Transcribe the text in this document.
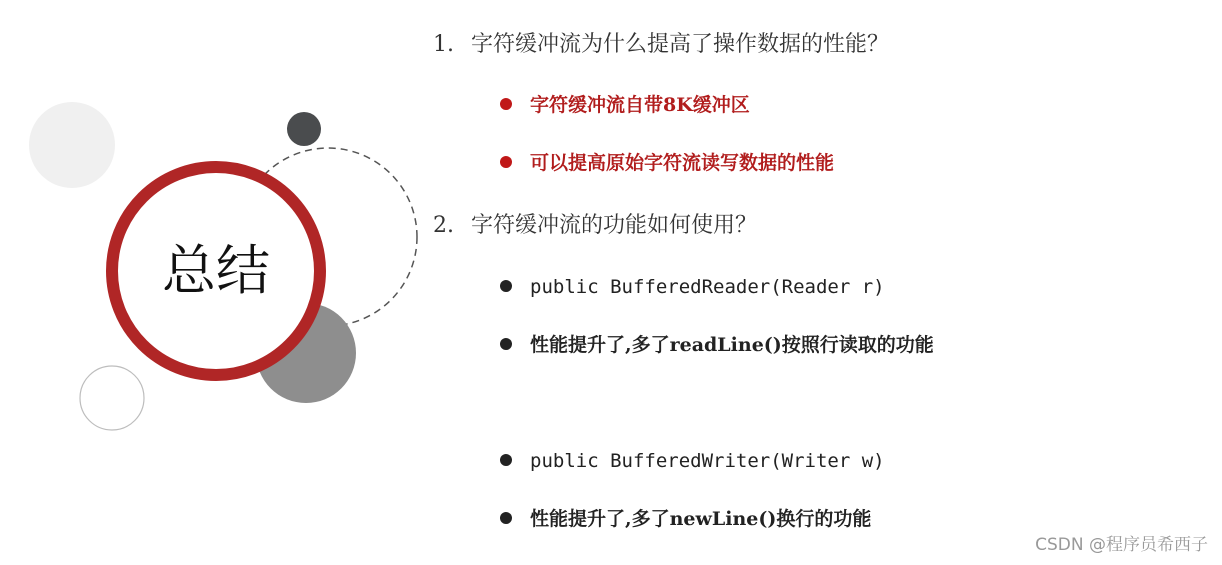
总结
1. 字符缓冲流为什么提高了操作数据的性能？
字符缓冲流自带8K缓冲区
可以提高原始字符流读写数据的性能
2. 字符缓冲流的功能如何使用？
public BufferedReader(Reader r)
性能提升了,多了readLine()按照行读取的功能
public BufferedWriter(Writer w)
性能提升了,多了newLine()换行的功能
CSDN @程序员希西子
